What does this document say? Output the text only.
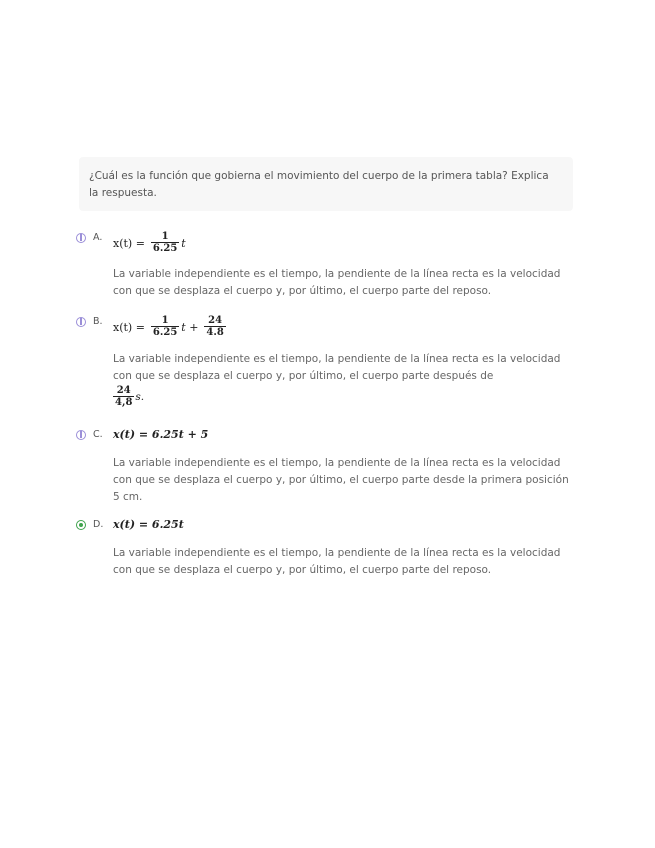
¿Cuál es la función que gobierna el movimiento del cuerpo de la primera tabla? Explica la respuesta.
A. $x(t) = \frac{1}{6.25}$ t
La variable independiente es el tiempo, la pendiente de la línea recta es la velocidad con que se desplaza el cuerpo y, por último, el cuerpo parte del reposo.
B. $x(t) = \frac{1}{6.25}$ $t + \frac{24}{4.8}$
La variable independiente es el tiempo, la pendiente de la línea recta es la velocidad con que se desplaza el cuerpo y, por último, el cuerpo parte después de

$\frac{24}{4,8} s$.
C. x(t) = 6.25t + 5
La variable independiente es el tiempo, la pendiente de la línea recta es la velocidad con que se desplaza el cuerpo y, por último, el cuerpo parte desde la primera posición 5 cm.
D. x(t) = 6.25t
La variable independiente es el tiempo, la pendiente de la línea recta es la velocidad con que se desplaza el cuerpo y, por último, el cuerpo parte del reposo.
